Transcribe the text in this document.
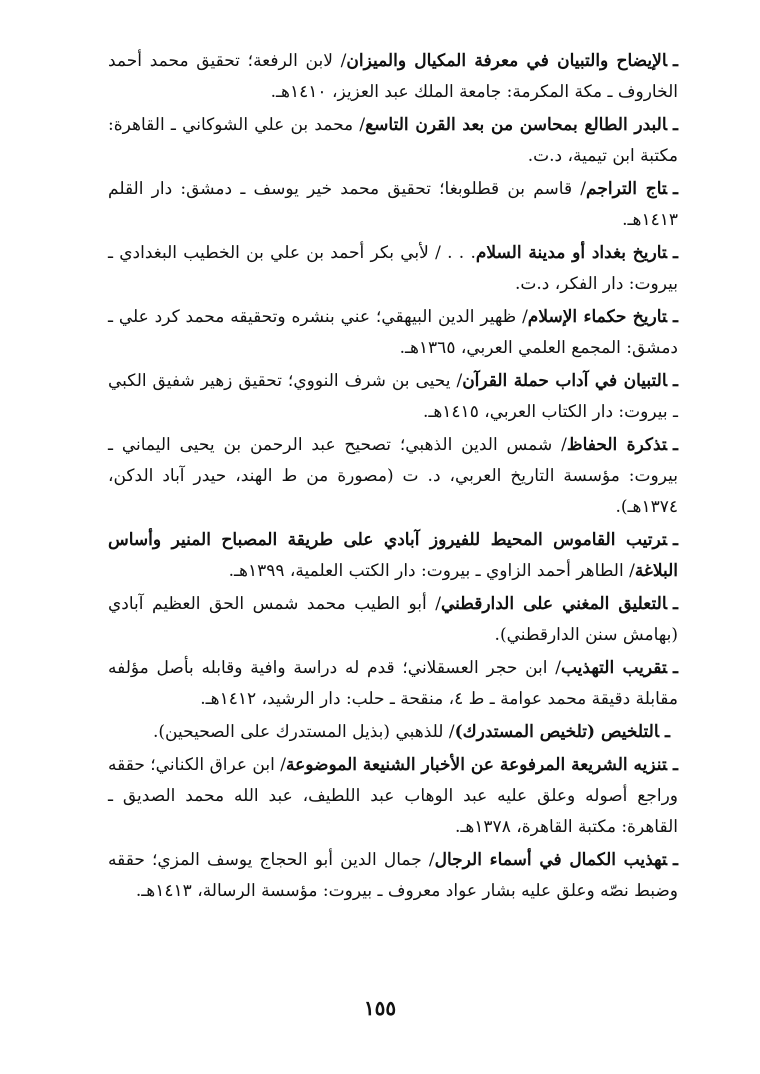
ـالإيضاح والتبيان في معرفة المكيال والميزان/ لابن الرفعة؛ تحقيق محمد أحمد الخاروف ـ مكة المكرمة: جامعة الملك عبد العزيز، ١٤١٠هـ.

ـالبدر الطالع بمحاسن من بعد القرن التاسع/ محمد بن علي الشوكاني ـ القاهرة: مكتبة ابن تيمية، د.ت.

ـتاج التراجم/ قاسم بن قطلوبغا؛ تحقيق محمد خير يوسف ـ دمشق: دار القلم ١٤١٣هـ.

ـتاريخ بغداد أو مدينة السلام. . . / لأبي بكر أحمد بن علي بن الخطيب البغدادي ـ بيروت: دار الفكر، د.ت.

ـتاريخ حكماء الإسلام/ ظهير الدين البيهقي؛ عني بنشره وتحقيقه محمد كرد علي ـ دمشق: المجمع العلمي العربي، ١٣٦٥هـ.

ـالتبيان في آداب حملة القرآن/ يحيى بن شرف النووي؛ تحقيق زهير شفيق الكبي ـ بيروت: دار الكتاب العربي، ١٤١٥هـ.

ـتذكرة الحفاظ/ شمس الدين الذهبي؛ تصحيح عبد الرحمن بن يحيى اليماني ـ بيروت: مؤسسة التاريخ العربي، د. ت (مصورة من ط الهند، حيدر آباد الدكن، ١٣٧٤هـ).

ـترتيب القاموس المحيط للفيروز آبادي على طريقة المصباح المنير وأساس البلاغة/ الطاهر أحمد الزاوي ـ بيروت: دار الكتب العلمية، ١٣٩٩هـ.

ـالتعليق المغني على الدارقطني/ أبو الطيب محمد شمس الحق العظيم آبادي (بهامش سنن الدارقطني).

ـتقريب التهذيب/ ابن حجر العسقلاني؛ قدم له دراسة وافية وقابله بأصل مؤلفه مقابلة دقيقة محمد عوامة ـ ط ٤، منقحة ـ حلب: دار الرشيد، ١٤١٢هـ.

ـالتلخيص (تلخيص المستدرك)/ للذهبي (بذيل المستدرك على الصحيحين).

ـتنزيه الشريعة المرفوعة عن الأخبار الشنيعة الموضوعة/ ابن عراق الكناني؛ حققه وراجع أصوله وعلق عليه عبد الوهاب عبد اللطيف، عبد الله محمد الصديق ـ القاهرة: مكتبة القاهرة، ١٣٧٨هـ.

ـتهذيب الكمال في أسماء الرجال/ جمال الدين أبو الحجاج يوسف المزي؛ حققه وضبط نصّه وعلق عليه بشار عواد معروف ـ بيروت: مؤسسة الرسالة، ١٤١٣هـ.

١٥٥
